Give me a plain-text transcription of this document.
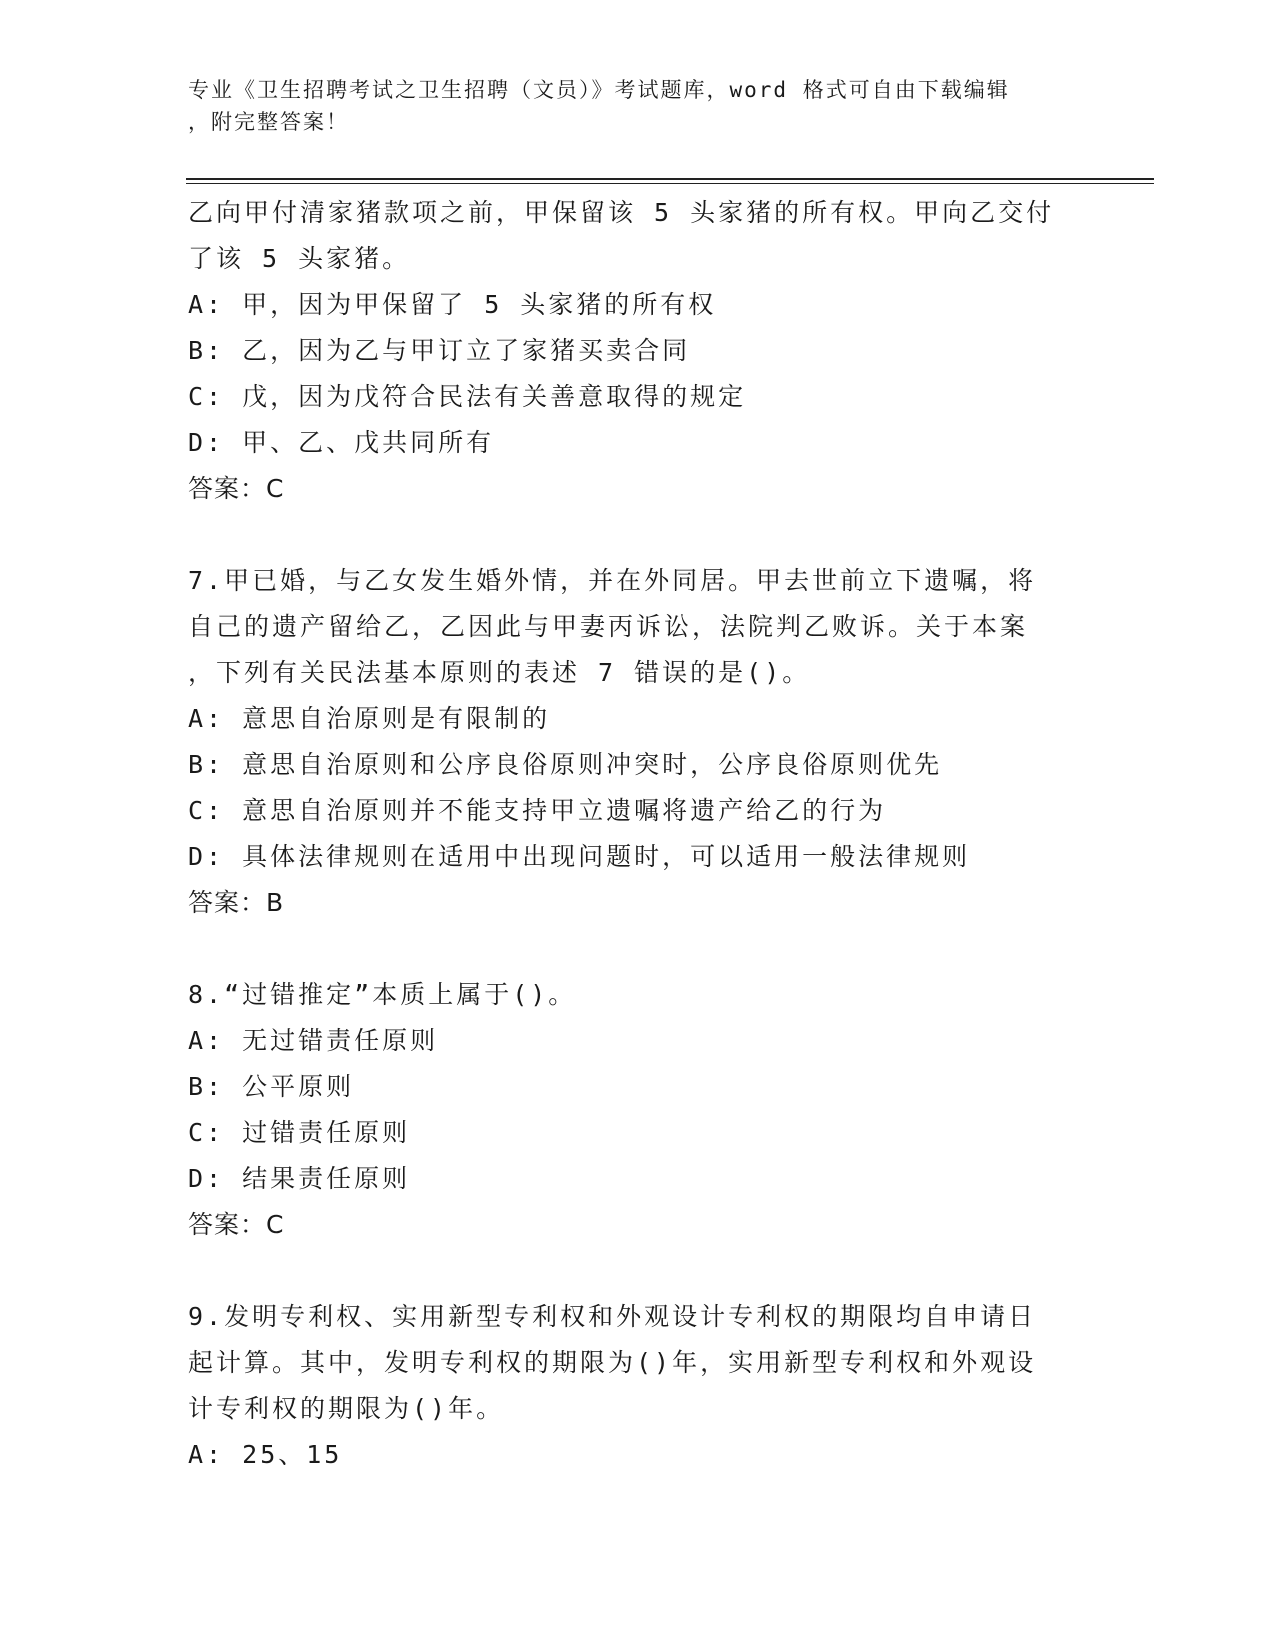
专业《卫生招聘考试之卫生招聘（文员）》考试题库，word 格式可自由下载编辑
，附完整答案！
乙向甲付清家猪款项之前，甲保留该 5 头家猪的所有权。甲向乙交付
了该 5 头家猪。
A: 甲，因为甲保留了 5 头家猪的所有权
B: 乙，因为乙与甲订立了家猪买卖合同
C: 戊，因为戊符合民法有关善意取得的规定
D: 甲、乙、戊共同所有
答案：C
7.甲已婚，与乙女发生婚外情，并在外同居。甲去世前立下遗嘱，将
自己的遗产留给乙，乙因此与甲妻丙诉讼，法院判乙败诉。关于本案
，下列有关民法基本原则的表述 7 错误的是()。
A: 意思自治原则是有限制的
B: 意思自治原则和公序良俗原则冲突时，公序良俗原则优先
C: 意思自治原则并不能支持甲立遗嘱将遗产给乙的行为
D: 具体法律规则在适用中出现问题时，可以适用一般法律规则
答案：B
8.“过错推定”本质上属于()。
A: 无过错责任原则
B: 公平原则
C: 过错责任原则
D: 结果责任原则
答案：C
9.发明专利权、实用新型专利权和外观设计专利权的期限均自申请日
起计算。其中，发明专利权的期限为()年，实用新型专利权和外观设
计专利权的期限为()年。
A: 25、15
